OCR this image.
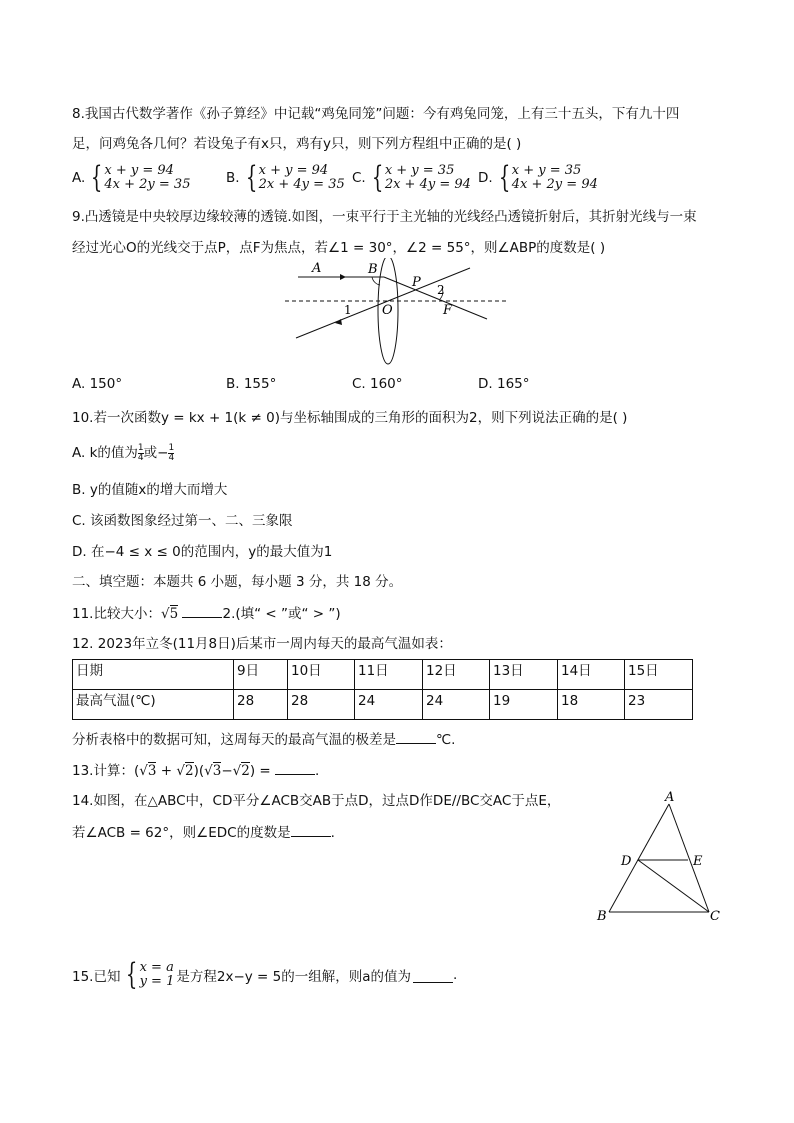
8.我国古代数学著作《孙子算经》中记载“鸡兔同笼”问题：今有鸡兔同笼，上有三十五头，下有九十四
足，问鸡兔各几何？若设兔子有x只，鸡有y只，则下列方程组中正确的是( )
A. { x + y = 94
4x + 2y = 35	B. { x + y = 94
2x + 4y = 35 C. { x + y = 35
2x + 4y = 94 D. { x + y = 35
4x + 2y = 94
9.凸透镜是中央较厚边缘较薄的透镜.如图，一束平行于主光轴的光线经凸透镜折射后，其折射光线与一束
经过光心O的光线交于点P，点F为焦点，若∠1 = 30°，∠2 = 55°，则∠ABP的度数是( )
A	B
P 2
1 O	F
A. 150°	B. 155°	C. 160°	D. 165°
10.若一次函数y = kx + 1(k ≠ 0)与坐标轴围成的三角形的面积为2，则下列说法正确的是( )
A. k的值为 $\frac{1}{4}$ 或− $\frac{1}{4}$
B. y的值随x的增大而增大
C. 该函数图象经过第一、二、三象限
D. 在−4 ≤ x ≤ 0的范围内，y的最大值为1
二、填空题：本题共 6 小题，每小题 3 分，共 18 分。
11.比较大小：√5	2.(填“ < ”或“ > ”)
12. 2023年立冬(11月8日)后某市一周内每天的最高气温如表：
日期	9日	10日	11日	12日	13日	14日	15日
最高气温(℃)	28	28	24	24	19	18	23
分析表格中的数据可知，这周每天的最高气温的极差是	℃.
13.计算：(√3 + √2)(√3−√2) =	.
14.如图，在△ABC中，CD平分∠ACB交AB于点D，过点D作DE//BC交AC于点E，
若∠ACB = 62°，则∠EDC的度数是	.
A
D	E
B	C
15.已知 { x = a
y = 1 是方程2x−y = 5的一组解，则a的值为	.
